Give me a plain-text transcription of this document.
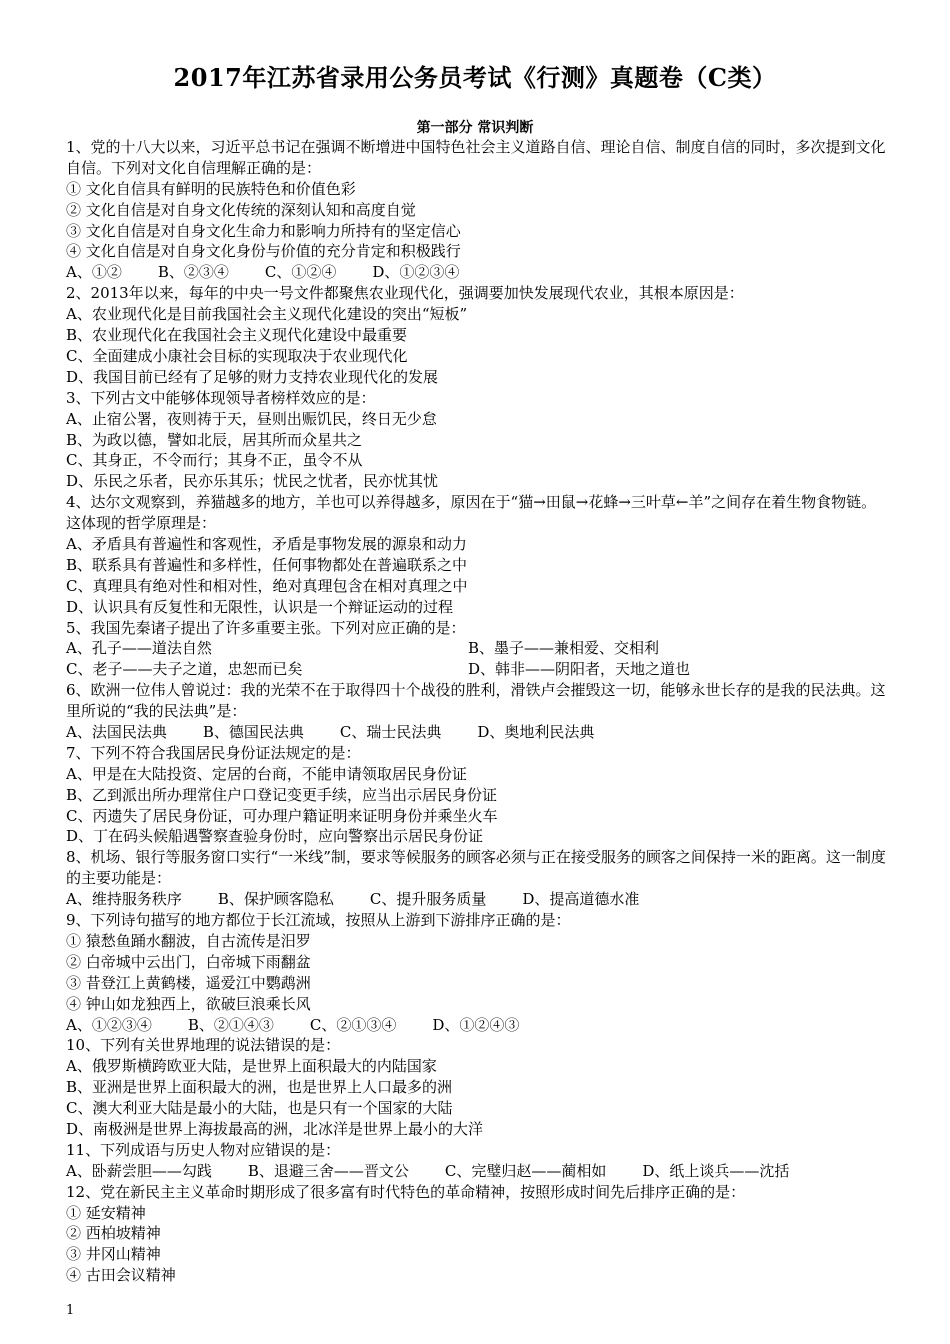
2017年江苏省录用公务员考试《行测》真题卷（C类）
第一部分 常识判断
1、党的十八大以来，习近平总书记在强调不断增进中国特色社会主义道路自信、理论自信、制度自信的同时，多次提到文化自信。下列对文化自信理解正确的是：
① 文化自信具有鲜明的民族特色和价值色彩
② 文化自信是对自身文化传统的深刻认知和高度自觉
③ 文化自信是对自身文化生命力和影响力所持有的坚定信心
④ 文化自信是对自身文化身份与价值的充分肯定和积极践行
A、①② B、②③④ C、①②④ D、①②③④
2、2013年以来，每年的中央一号文件都聚焦农业现代化，强调要加快发展现代农业，其根本原因是：
A、农业现代化是目前我国社会主义现代化建设的突出“短板”
B、农业现代化在我国社会主义现代化建设中最重要
C、全面建成小康社会目标的实现取决于农业现代化
D、我国目前已经有了足够的财力支持农业现代化的发展
3、下列古文中能够体现领导者榜样效应的是：
A、止宿公署，夜则祷于天，昼则出赈饥民，终日无少怠
B、为政以德，譬如北辰，居其所而众星共之
C、其身正，不令而行；其身不正，虽令不从
D、乐民之乐者，民亦乐其乐；忧民之忧者，民亦忧其忧
4、达尔文观察到，养猫越多的地方，羊也可以养得越多，原因在于“猫→田鼠→花蜂→三叶草←羊”之间存在着生物食物链。这体现的哲学原理是：
A、矛盾具有普遍性和客观性，矛盾是事物发展的源泉和动力
B、联系具有普遍性和多样性，任何事物都处在普遍联系之中
C、真理具有绝对性和相对性，绝对真理包含在相对真理之中
D、认识具有反复性和无限性，认识是一个辩证运动的过程
5、我国先秦诸子提出了许多重要主张。下列对应正确的是：
A、孔子——道法自然	B、墨子——兼相爱、交相利
C、老子——夫子之道，忠恕而已矣	D、韩非——阴阳者，天地之道也
6、欧洲一位伟人曾说过：我的光荣不在于取得四十个战役的胜利，滑铁卢会摧毁这一切，能够永世长存的是我的民法典。这里所说的“我的民法典”是：
A、法国民法典 B、德国民法典 C、瑞士民法典 D、奥地利民法典
7、下列不符合我国居民身份证法规定的是：
A、甲是在大陆投资、定居的台商，不能申请领取居民身份证
B、乙到派出所办理常住户口登记变更手续，应当出示居民身份证
C、丙遗失了居民身份证，可办理户籍证明来证明身份并乘坐火车
D、丁在码头候船遇警察查验身份时，应向警察出示居民身份证
8、机场、银行等服务窗口实行“一米线”制，要求等候服务的顾客必须与正在接受服务的顾客之间保持一米的距离。这一制度的主要功能是：
A、维持服务秩序 B、保护顾客隐私 C、提升服务质量 D、提高道德水准
9、下列诗句描写的地方都位于长江流域，按照从上游到下游排序正确的是：
① 猿愁鱼踊水翻波，自古流传是汨罗
② 白帝城中云出门，白帝城下雨翻盆
③ 昔登江上黄鹤楼，遥爱江中鹦鹉洲
④ 钟山如龙独西上，欲破巨浪乘长风
A、①②③④ B、②①④③ C、②①③④ D、①②④③
10、下列有关世界地理的说法错误的是：
A、俄罗斯横跨欧亚大陆，是世界上面积最大的内陆国家
B、亚洲是世界上面积最大的洲，也是世界上人口最多的洲
C、澳大利亚大陆是最小的大陆，也是只有一个国家的大陆
D、南极洲是世界上海拔最高的洲，北冰洋是世界上最小的大洋
11、下列成语与历史人物对应错误的是：
A、卧薪尝胆——勾践 B、退避三舍——晋文公 C、完璧归赵——蔺相如 D、纸上谈兵——沈括
12、党在新民主主义革命时期形成了很多富有时代特色的革命精神，按照形成时间先后排序正确的是：
① 延安精神
② 西柏坡精神
③ 井冈山精神
④ 古田会议精神
1
